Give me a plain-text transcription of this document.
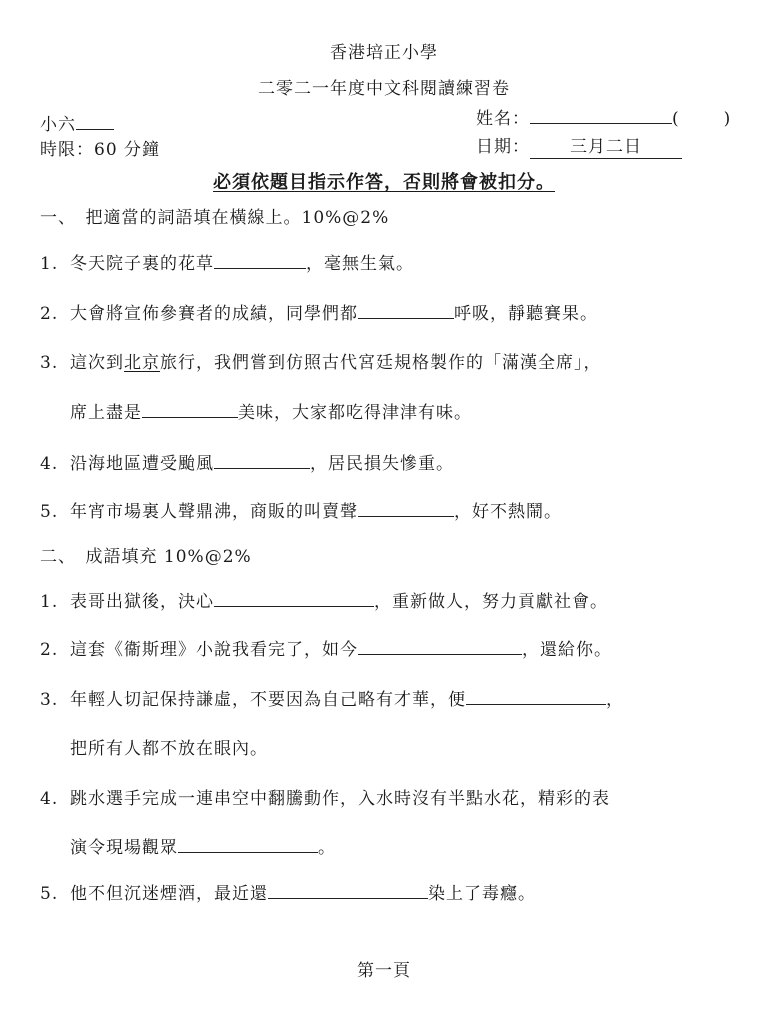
香港培正小學
二零二一年度中文科閱讀練習卷
小六
時限：60 分鐘
姓名：	(	)
日期： 三月二日
必須依題目指示作答，否則將會被扣分。
一、　把適當的詞語填在橫線上。10%@2%
1. 冬天院子裏的花草	，毫無生氣。
2. 大會將宣佈參賽者的成績，同學們都	呼吸，靜聽賽果。
3. 這次到北京旅行，我們嘗到仿照古代宮廷規格製作的「滿漢全席」，
席上盡是	美味，大家都吃得津津有味。
4. 沿海地區遭受颱風	，居民損失慘重。
5. 年宵市場裏人聲鼎沸，商販的叫賣聲	，好不熱鬧。
二、　成語填充 10%@2%
1. 表哥出獄後，決心	，重新做人，努力貢獻社會。
2. 這套《衞斯理》小說我看完了，如今	，還給你。
3. 年輕人切記保持謙虛，不要因為自己略有才華，便	，
把所有人都不放在眼內。
4. 跳水選手完成一連串空中翻騰動作，入水時沒有半點水花，精彩的表
演令現場觀眾	。
5. 他不但沉迷煙酒，最近還	染上了毒癮。
第一頁
